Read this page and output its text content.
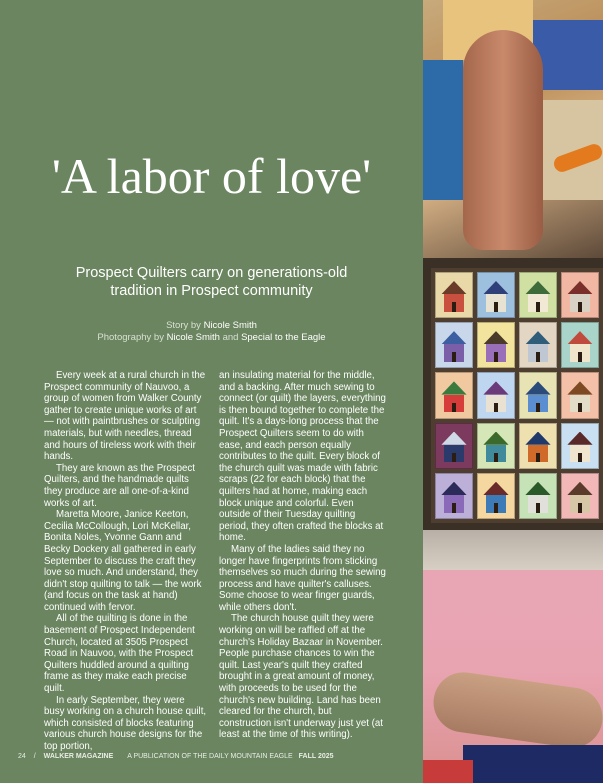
'A labor of love'

Prospect Quilters carry on generations-old tradition in Prospect community

Story by Nicole Smith
Photography by Nicole Smith and Special to the Eagle

Every week at a rural church in the Prospect community of Nauvoo, a group of women from Walker County gather to create unique works of art — not with paintbrushes or sculpting materials, but with needles, thread and hours of tireless work with their hands.

They are known as the Prospect Quilters, and the handmade quilts they produce are all one-of-a-kind works of art.

Maretta Moore, Janice Keeton, Cecilia McCollough, Lori McKellar, Bonita Noles, Yvonne Gann and Becky Dockery all gathered in early September to discuss the craft they love so much. And understand, they didn't stop quilting to talk — the work (and focus on the task at hand) continued with fervor.

All of the quilting is done in the basement of Prospect Independent Church, located at 3505 Prospect Road in Nauvoo, with the Prospect Quilters huddled around a quilting frame as they make each precise quilt.

In early September, they were busy working on a church house quilt, which consisted of blocks featuring various church house designs for the top portion,

an insulating material for the middle, and a backing. After much sewing to connect (or quilt) the layers, everything is then bound together to complete the quilt. It's a days-long process that the Prospect Quilters seem to do with ease, and each person equally contributes to the quilt. Every block of the church quilt was made with fabric scraps (22 for each block) that the quilters had at home, making each block unique and colorful. Even outside of their Tuesday quilting period, they often crafted the blocks at home.

Many of the ladies said they no longer have fingerprints from sticking themselves so much during the sewing process and have quilter's calluses. Some choose to wear finger guards, while others don't.

The church house quilt they were working on will be raffled off at the church's Holiday Bazaar in November. People purchase chances to win the quilt. Last year's quilt they crafted brought in a great amount of money, with proceeds to be used for the church's new building. Land has been cleared for the church, but construction isn't underway just yet (at least at the time of this writing).

24 / WALKER MAGAZINE A PUBLICATION OF THE DAILY MOUNTAIN EAGLE FALL 2025
